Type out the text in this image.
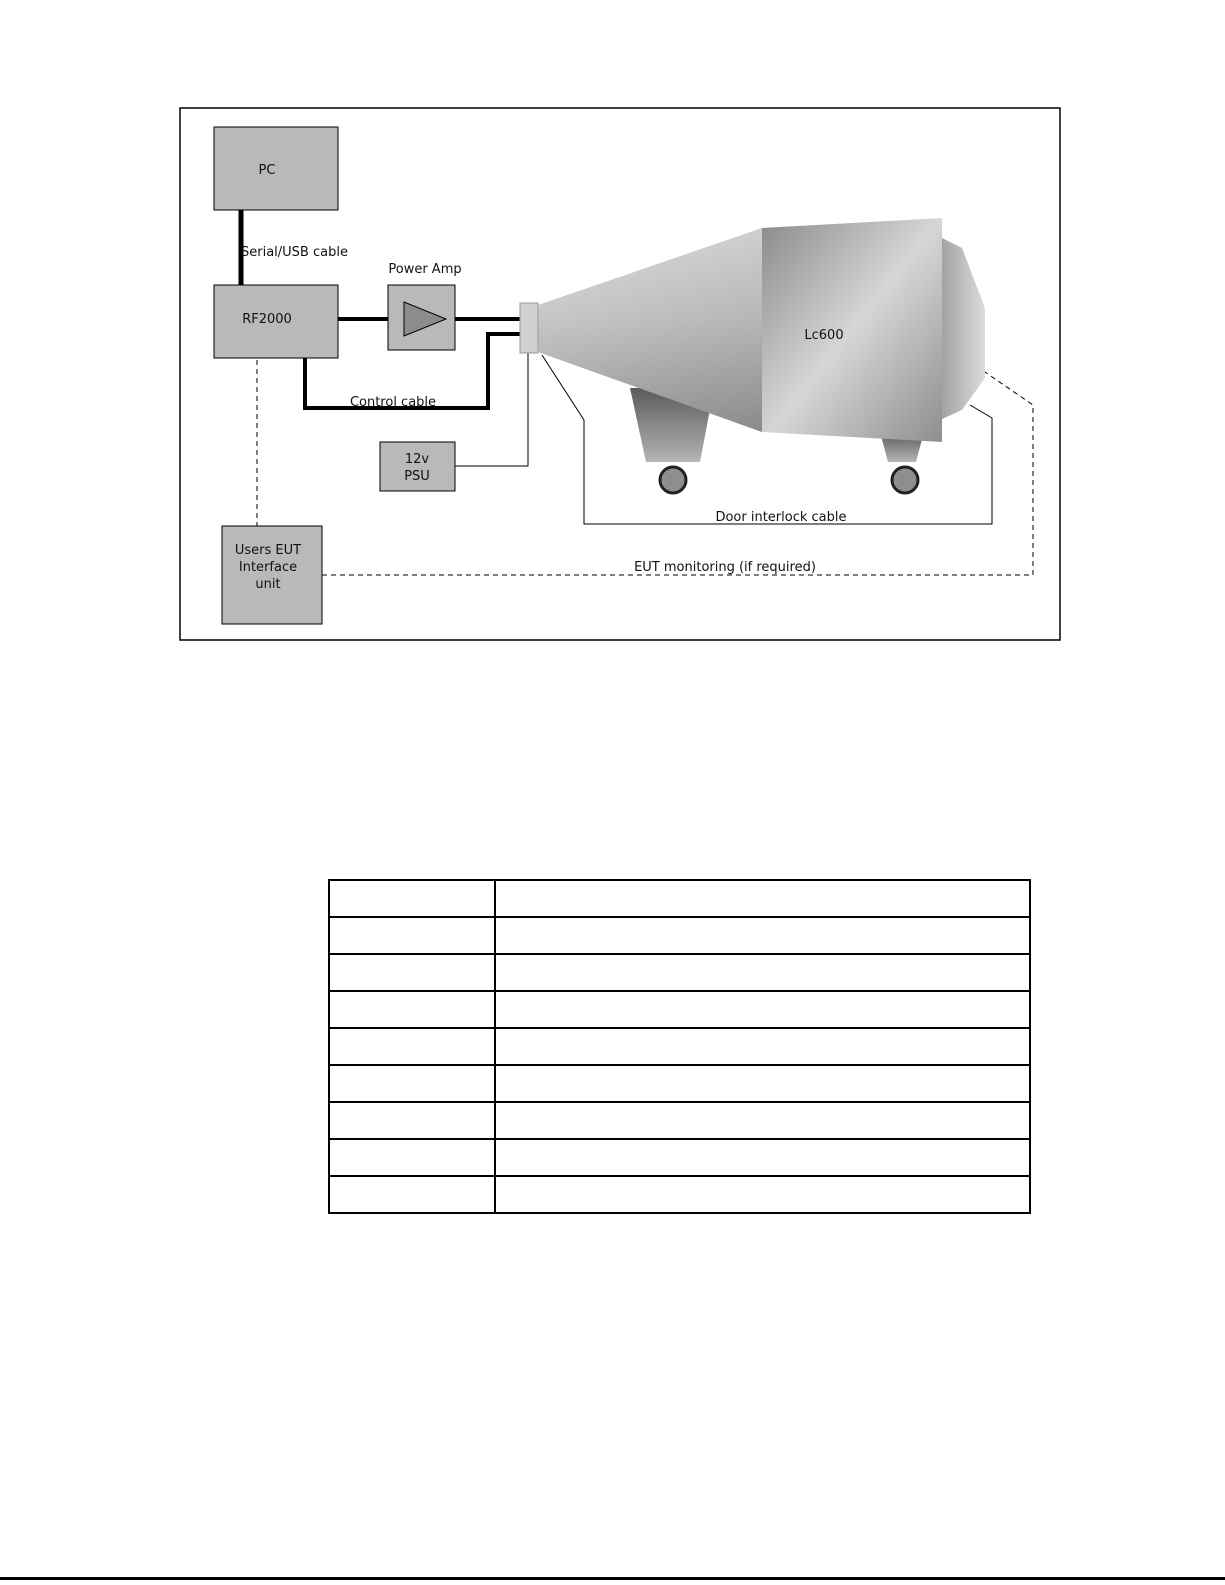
PC
Serial/USB cable
RF2000
Power Amp
Control cable
12v
PSU
Lc600
Door interlock cable
Users EUT
Interface
unit
EUT monitoring (if required)
